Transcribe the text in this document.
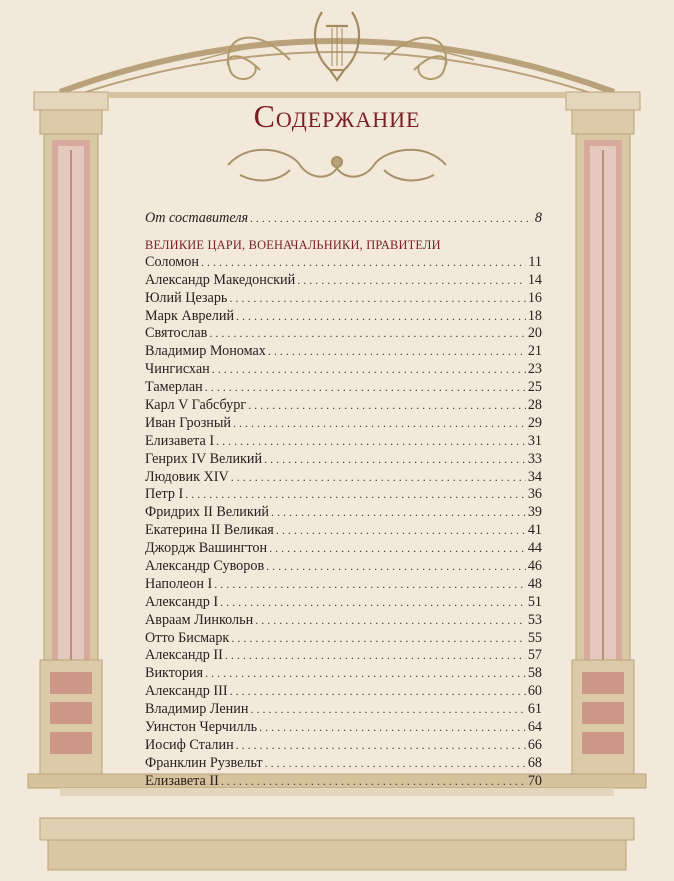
Содержание
От составителя . . .	8
ВЕЛИКИЕ ЦАРИ, ВОЕНАЧАЛЬНИКИ, ПРАВИТЕЛИ
Соломон . . .	11
Александр Македонский . . .	14
Юлий Цезарь . . .	16
Марк Аврелий . . .	18
Святослав . . .	20
Владимир Мономах . . .	21
Чингисхан . . .	23
Тамерлан . . .	25
Карл V Габсбург . . .	28
Иван Грозный . . .	29
Елизавета I . . .	31
Генрих IV Великий . . .	33
Людовик XIV . . .	34
Петр I . . .	36
Фридрих II Великий . . .	39
Екатерина II Великая . . .	41
Джордж Вашингтон . . .	44
Александр Суворов . . .	46
Наполеон I . . .	48
Александр I . . .	51
Авраам Линкольн . . .	53
Отто Бисмарк . . .	55
Александр II . . .	57
Виктория . . .	58
Александр III . . .	60
Владимир Ленин . . .	61
Уинстон Черчилль . . .	64
Иосиф Сталин . . .	66
Франклин Рузвельт . . .	68
Елизавета II . . .	70
